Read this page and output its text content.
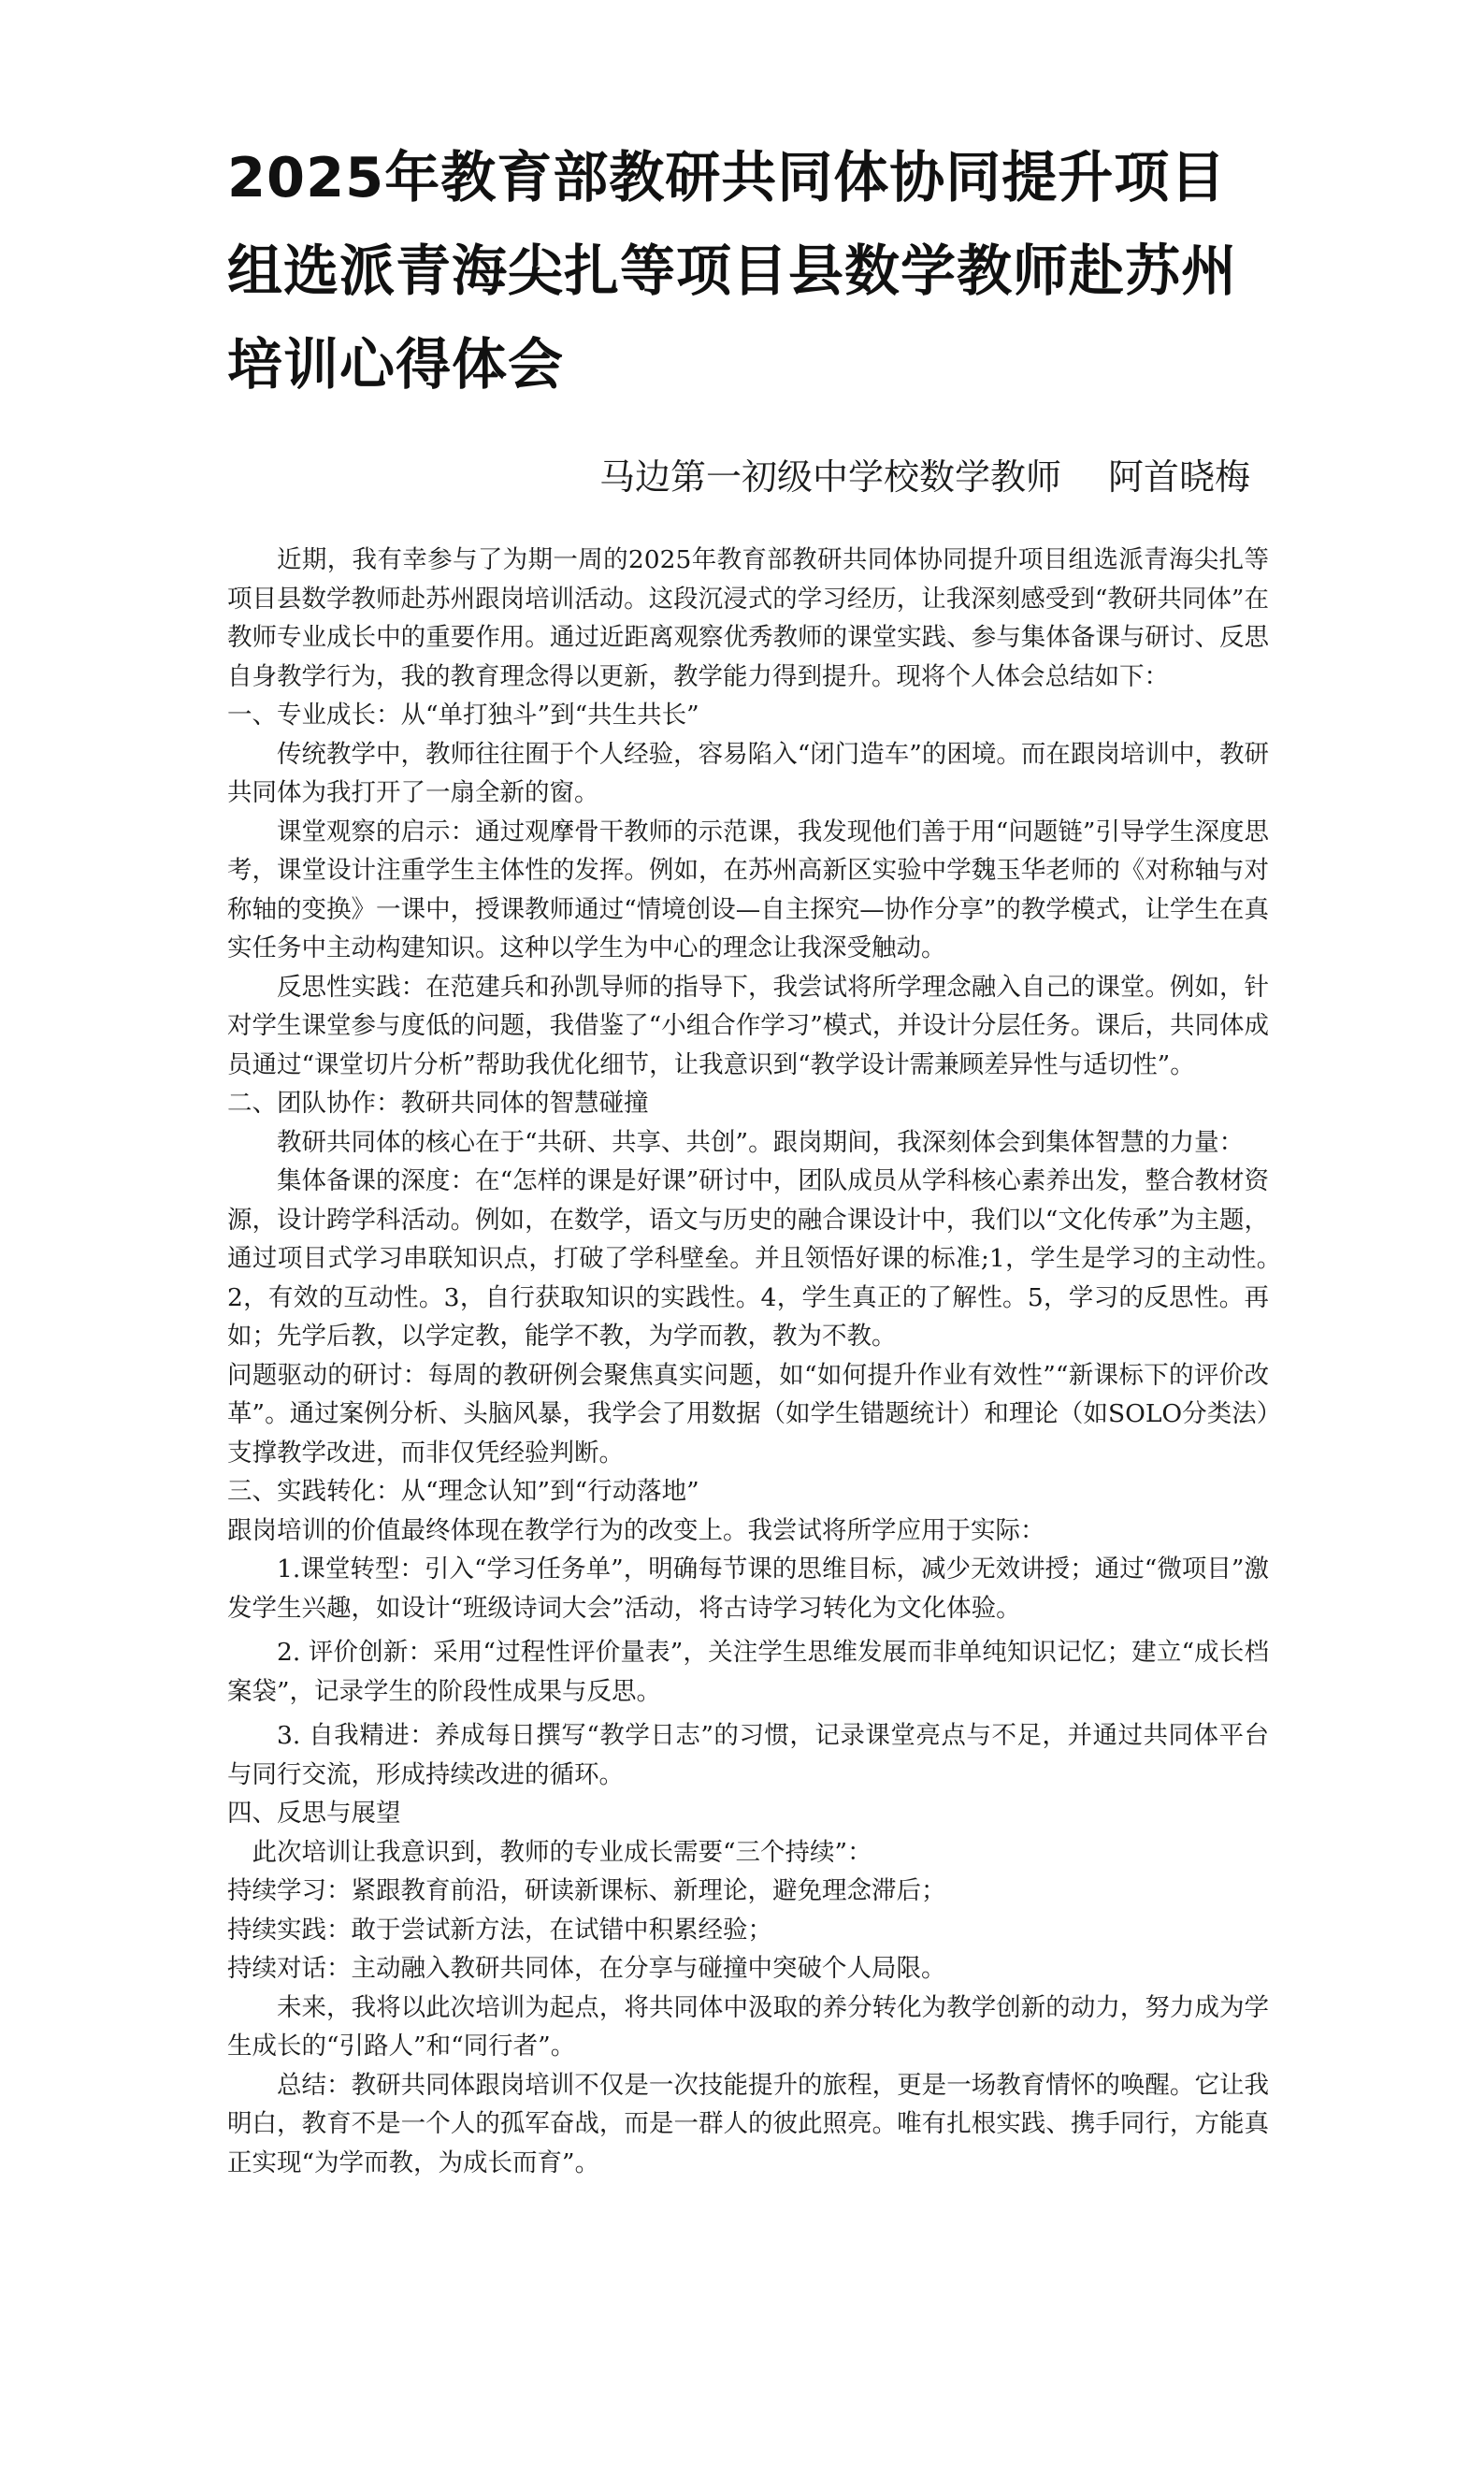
2025年教育部教研共同体协同提升项目组选派青海尖扎等项目县数学教师赴苏州培训心得体会
马边第一初级中学校数学教师 阿首晓梅

近期，我有幸参与了为期一周的2025年教育部教研共同体协同提升项目组选派青海尖扎等项目县数学教师赴苏州跟岗培训活动。这段沉浸式的学习经历，让我深刻感受到“教研共同体”在教师专业成长中的重要作用。通过近距离观察优秀教师的课堂实践、参与集体备课与研讨、反思自身教学行为，我的教育理念得以更新，教学能力得到提升。现将个人体会总结如下：

一、专业成长：从“单打独斗”到“共生共长”

传统教学中，教师往往囿于个人经验，容易陷入“闭门造车”的困境。而在跟岗培训中，教研共同体为我打开了一扇全新的窗。

课堂观察的启示：通过观摩骨干教师的示范课，我发现他们善于用“问题链”引导学生深度思考，课堂设计注重学生主体性的发挥。例如，在苏州高新区实验中学魏玉华老师的《对称轴与对称轴的变换》一课中，授课教师通过“情境创设—自主探究—协作分享”的教学模式，让学生在真实任务中主动构建知识。这种以学生为中心的理念让我深受触动。

反思性实践：在范建兵和孙凯导师的指导下，我尝试将所学理念融入自己的课堂。例如，针对学生课堂参与度低的问题，我借鉴了“小组合作学习”模式，并设计分层任务。课后，共同体成员通过“课堂切片分析”帮助我优化细节，让我意识到“教学设计需兼顾差异性与适切性”。

二、团队协作：教研共同体的智慧碰撞

教研共同体的核心在于“共研、共享、共创”。跟岗期间，我深刻体会到集体智慧的力量：

集体备课的深度：在“怎样的课是好课”研讨中，团队成员从学科核心素养出发，整合教材资源，设计跨学科活动。例如，在数学，语文与历史的融合课设计中，我们以“文化传承”为主题，通过项目式学习串联知识点，打破了学科壁垒。并且领悟好课的标准;1，学生是学习的主动性。　2，有效的互动性。3，自行获取知识的实践性。4，学生真正的了解性。5，学习的反思性。再如；先学后教，以学定教，能学不教，为学而教，教为不教。

问题驱动的研讨：每周的教研例会聚焦真实问题，如“如何提升作业有效性”“新课标下的评价改革”。通过案例分析、头脑风暴，我学会了用数据（如学生错题统计）和理论（如SOLO分类法）支撑教学改进，而非仅凭经验判断。

三、实践转化：从“理念认知”到“行动落地”

跟岗培训的价值最终体现在教学行为的改变上。我尝试将所学应用于实际：

1.课堂转型：引入“学习任务单”，明确每节课的思维目标，减少无效讲授；通过“微项目”激发学生兴趣，如设计“班级诗词大会”活动，将古诗学习转化为文化体验。

2. 评价创新：采用“过程性评价量表”，关注学生思维发展而非单纯知识记忆；建立“成长档案袋”，记录学生的阶段性成果与反思。

3. 自我精进：养成每日撰写“教学日志”的习惯，记录课堂亮点与不足，并通过共同体平台与同行交流，形成持续改进的循环。

四、反思与展望

此次培训让我意识到，教师的专业成长需要“三个持续”：

持续学习：紧跟教育前沿，研读新课标、新理论，避免理念滞后；

持续实践：敢于尝试新方法，在试错中积累经验；

持续对话：主动融入教研共同体，在分享与碰撞中突破个人局限。

未来，我将以此次培训为起点，将共同体中汲取的养分转化为教学创新的动力，努力成为学生成长的“引路人”和“同行者”。

总结：教研共同体跟岗培训不仅是一次技能提升的旅程，更是一场教育情怀的唤醒。它让我明白，教育不是一个人的孤军奋战，而是一群人的彼此照亮。唯有扎根实践、携手同行，方能真正实现“为学而教，为成长而育”。
